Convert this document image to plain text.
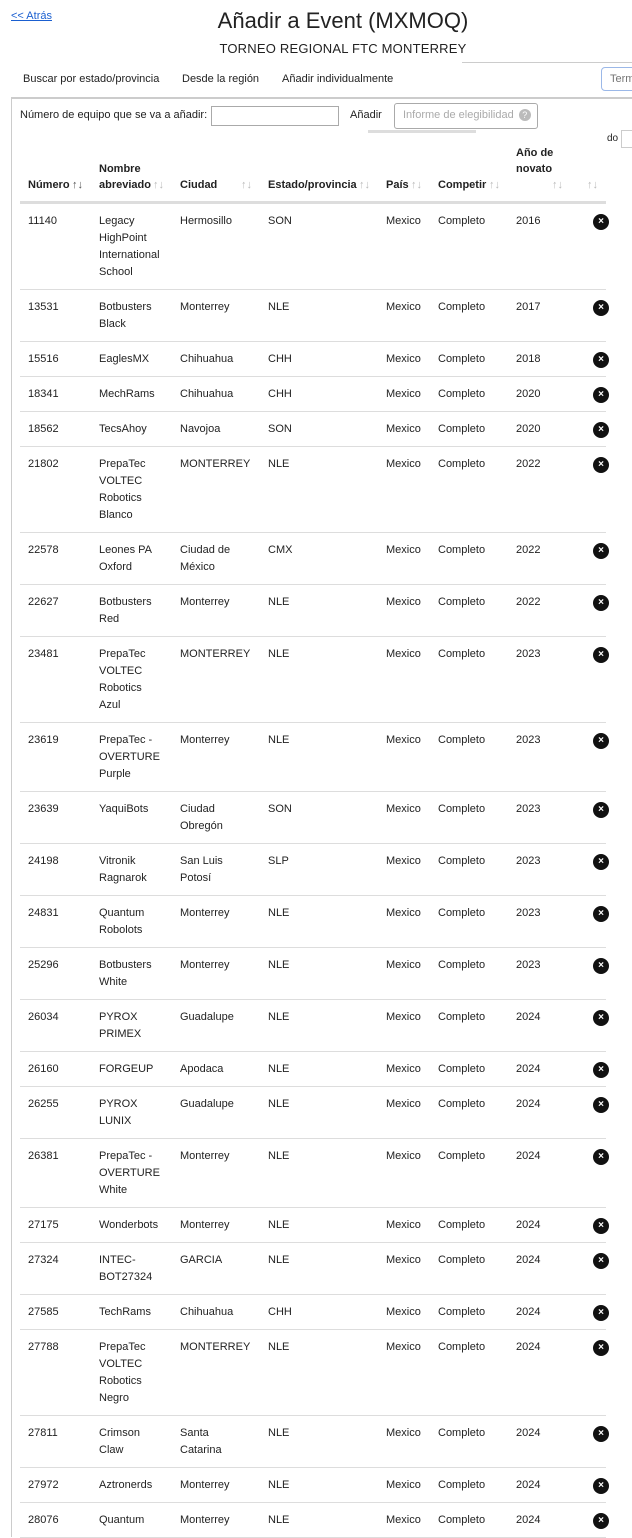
<< Atrás	Añadir a Event (MXMOQ)
TORNEO REGIONAL FTC MONTERREY
Buscar por estado/provincia Desde la región Añadir individualmente
Term
Número de equipo que se va a añadir:	Añadir	Informe de elegibilidad ?
do
Número ↑↓	Nombre abreviado ↑↓	Ciudad ↑↓	Estado/provincia ↑↓	País ↑↓	Competir ↑↓	Año de novato
↑↓	↑↓

11140	Legacy HighPoint International School	Hermosillo	SON	Mexico	Completo	2016	×
13531	Botbusters Black	Monterrey	NLE	Mexico	Completo	2017	×
15516	EaglesMX	Chihuahua	CHH	Mexico	Completo	2018	×
18341	MechRams	Chihuahua	CHH	Mexico	Completo	2020	×
18562	TecsAhoy	Navojoa	SON	Mexico	Completo	2020	×
21802	PrepaTec VOLTEC Robotics Blanco	MONTERREY	NLE	Mexico	Completo	2022	×
22578	Leones PA Oxford	Ciudad de México	CMX	Mexico	Completo	2022	×
22627	Botbusters Red	Monterrey	NLE	Mexico	Completo	2022	×
23481	PrepaTec VOLTEC Robotics Azul	MONTERREY	NLE	Mexico	Completo	2023	×
23619	PrepaTec - OVERTURE Purple	Monterrey	NLE	Mexico	Completo	2023	×
23639	YaquiBots	Ciudad Obregón	SON	Mexico	Completo	2023	×
24198	Vitronik Ragnarok	San Luis Potosí	SLP	Mexico	Completo	2023	×
24831	Quantum Robolots	Monterrey	NLE	Mexico	Completo	2023	×
25296	Botbusters White	Monterrey	NLE	Mexico	Completo	2023	×
26034	PYROX PRIMEX	Guadalupe	NLE	Mexico	Completo	2024	×
26160	FORGEUP	Apodaca	NLE	Mexico	Completo	2024	×
26255	PYROX LUNIX	Guadalupe	NLE	Mexico	Completo	2024	×
26381	PrepaTec - OVERTURE White	Monterrey	NLE	Mexico	Completo	2024	×
27175	Wonderbots	Monterrey	NLE	Mexico	Completo	2024	×
27324	INTEC-BOT27324	GARCIA	NLE	Mexico	Completo	2024	×
27585	TechRams	Chihuahua	CHH	Mexico	Completo	2024	×
27788	PrepaTec VOLTEC Robotics Negro	MONTERREY	NLE	Mexico	Completo	2024	×
27811	Crimson Claw	Santa Catarina	NLE	Mexico	Completo	2024	×
27972	Aztronerds	Monterrey	NLE	Mexico	Completo	2024	×
28076	Quantum	Monterrey	NLE	Mexico	Completo	2024	×
